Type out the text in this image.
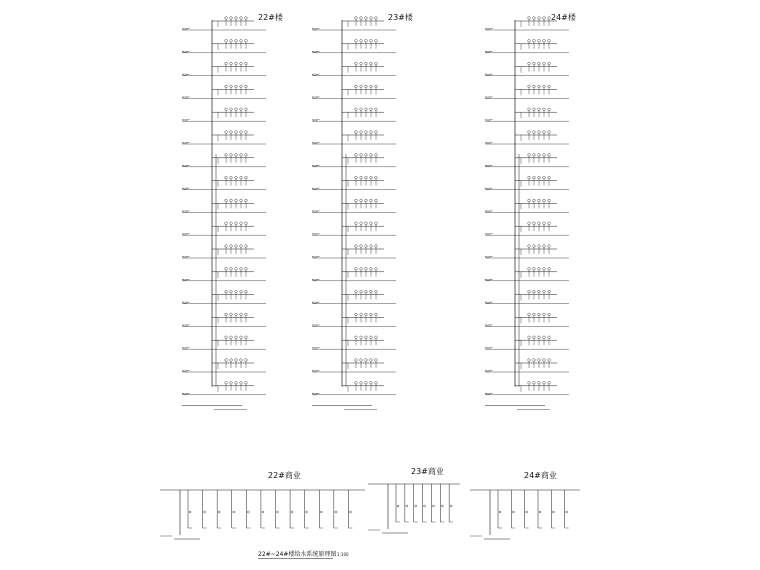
22#楼	23#楼	24#楼
22#商业	23#商业	24#商业
22#~24#楼给水系统原理图 1:100
